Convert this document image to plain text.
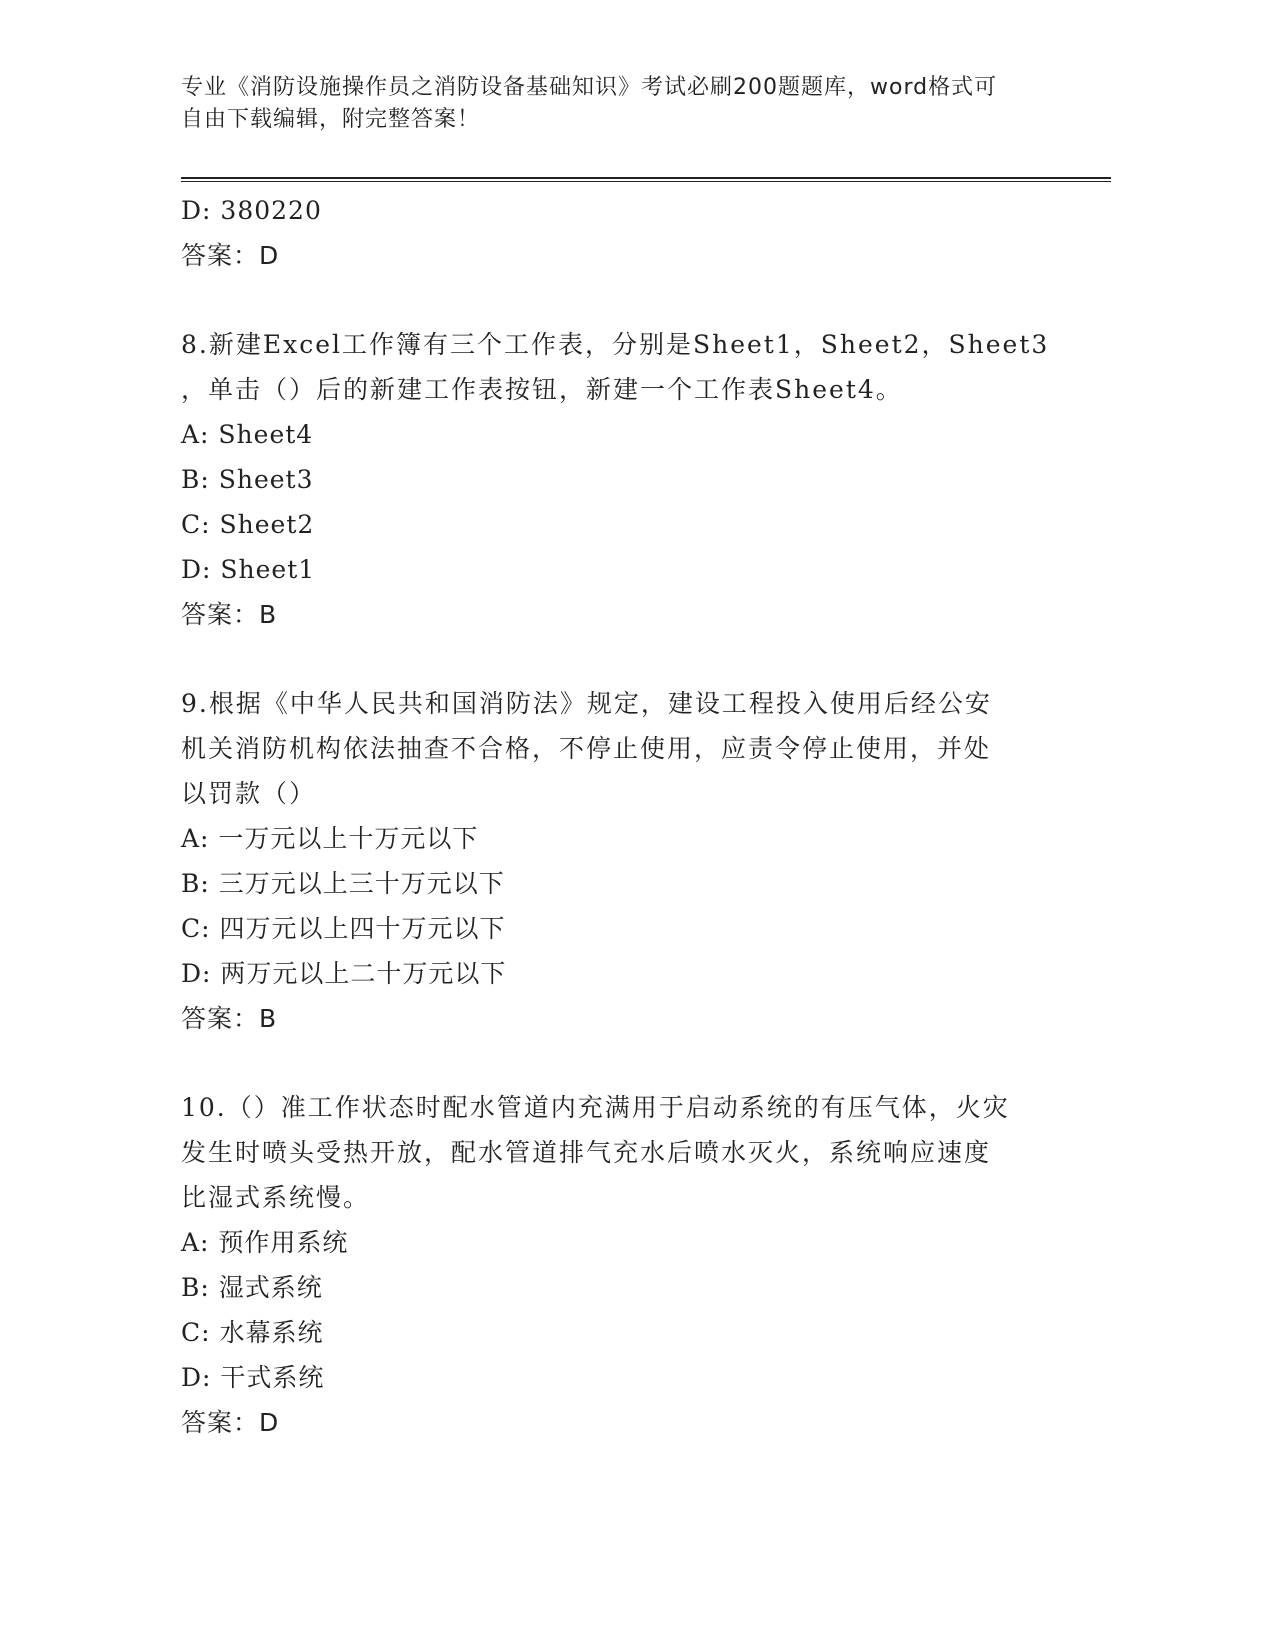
专业《消防设施操作员之消防设备基础知识》考试必刷200题题库，word格式可
自由下载编辑，附完整答案！
D: 380220
答案：D
8.新建Excel工作簿有三个工作表，分别是Sheet1，Sheet2，Sheet3
，单击（）后的新建工作表按钮，新建一个工作表Sheet4。
A: Sheet4
B: Sheet3
C: Sheet2
D: Sheet1
答案：B
9.根据《中华人民共和国消防法》规定，建设工程投入使用后经公安
机关消防机构依法抽查不合格，不停止使用，应责令停止使用，并处
以罚款（）
A: 一万元以上十万元以下
B: 三万元以上三十万元以下
C: 四万元以上四十万元以下
D: 两万元以上二十万元以下
答案：B
10.（）准工作状态时配水管道内充满用于启动系统的有压气体，火灾
发生时喷头受热开放，配水管道排气充水后喷水灭火，系统响应速度
比湿式系统慢。
A: 预作用系统
B: 湿式系统
C: 水幕系统
D: 干式系统
答案：D
